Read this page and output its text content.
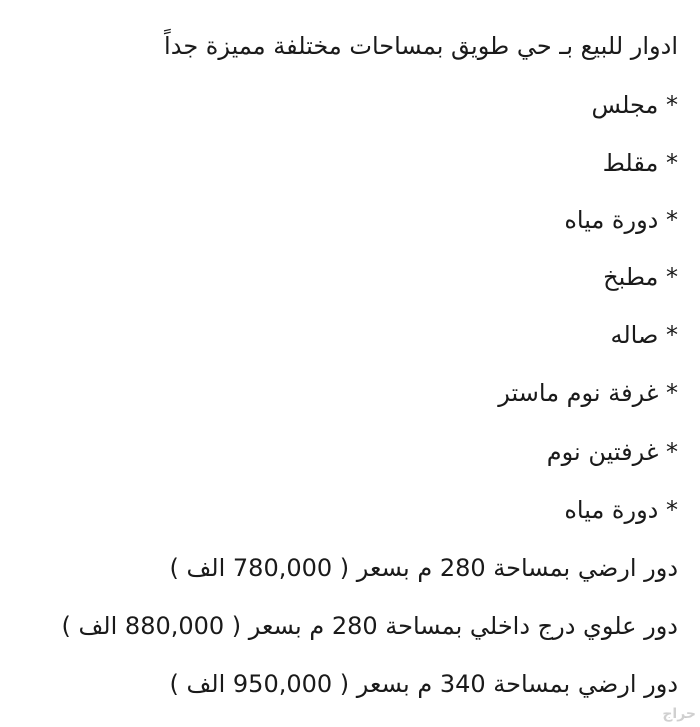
ادوار للبيع بـ حي طويق بمساحات مختلفة مميزة جداً
* مجلس
* مقلط
* دورة مياه
* مطبخ
* صاله
* غرفة نوم ماستر
* غرفتين نوم
* دورة مياه
دور ارضي بمساحة 280 م بسعر ( 780,000 الف )
دور علوي درج داخلي بمساحة 280 م بسعر ( 880,000 الف )
دور ارضي بمساحة 340 م بسعر ( 950,000 الف )
حراج
